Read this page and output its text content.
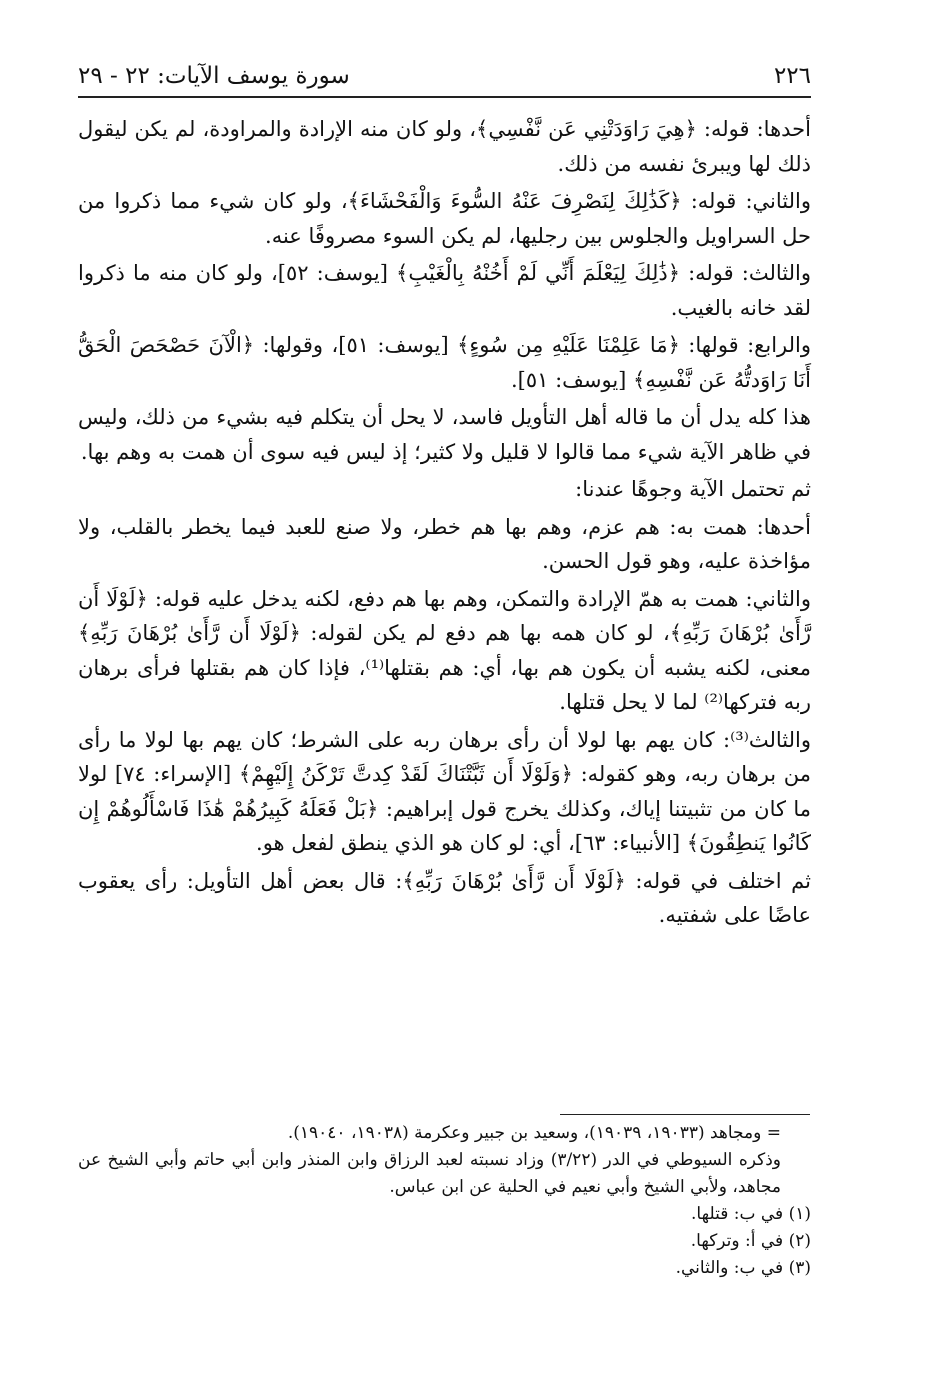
٢٢٦
سورة يوسف الآيات: ٢٢ - ٢٩

أحدها: قوله: ﴿هِيَ رَاوَدَتْنِي عَن نَّفْسِي﴾، ولو كان منه الإرادة والمراودة، لم يكن ليقول ذلك لها ويبرئ نفسه من ذلك.

والثاني: قوله: ﴿كَذَٰلِكَ لِنَصْرِفَ عَنْهُ السُّوءَ وَالْفَحْشَاءَ﴾، ولو كان شيء مما ذكروا من حل السراويل والجلوس بين رجليها، لم يكن السوء مصروفًا عنه.

والثالث: قوله: ﴿ذَٰلِكَ لِيَعْلَمَ أَنِّي لَمْ أَخُنْهُ بِالْغَيْبِ﴾ [يوسف: ٥٢]، ولو كان منه ما ذكروا لقد خانه بالغيب.

والرابع: قولها: ﴿مَا عَلِمْنَا عَلَيْهِ مِن سُوءٍ﴾ [يوسف: ٥١]، وقولها: ﴿الْآنَ حَصْحَصَ الْحَقُّ أَنَا رَاوَدتُّهُ عَن نَّفْسِهِ﴾ [يوسف: ٥١].

هذا كله يدل أن ما قاله أهل التأويل فاسد، لا يحل أن يتكلم فيه بشيء من ذلك، وليس في ظاهر الآية شيء مما قالوا لا قليل ولا كثير؛ إذ ليس فيه سوى أن همت به وهم بها.

ثم تحتمل الآية وجوهًا عندنا:

أحدها: همت به: هم عزم، وهم بها هم خطر، ولا صنع للعبد فيما يخطر بالقلب، ولا مؤاخذة عليه، وهو قول الحسن.

والثاني: همت به همّ الإرادة والتمكن، وهم بها هم دفع، لكنه يدخل عليه قوله: ﴿لَوْلَا أَن رَّأَىٰ بُرْهَانَ رَبِّهِ﴾، لو كان همه بها هم دفع لم يكن لقوله: ﴿لَوْلَا أَن رَّأَىٰ بُرْهَانَ رَبِّهِ﴾ معنى، لكنه يشبه أن يكون هم بها، أي: هم بقتلها⁽¹⁾، فإذا كان هم بقتلها فرأى برهان ربه فتركها⁽²⁾ لما لا يحل قتلها.

والثالث⁽³⁾: كان يهم بها لولا أن رأى برهان ربه على الشرط؛ كان يهم بها لولا ما رأى من برهان ربه، وهو كقوله: ﴿وَلَوْلَا أَن ثَبَّتْنَاكَ لَقَدْ كِدتَّ تَرْكَنُ إِلَيْهِمْ﴾ [الإسراء: ٧٤] لولا ما كان من تثبيتنا إياك، وكذلك يخرج قول إبراهيم: ﴿بَلْ فَعَلَهُ كَبِيرُهُمْ هَٰذَا فَاسْأَلُوهُمْ إِن كَانُوا يَنطِقُونَ﴾ [الأنبياء: ٦٣]، أي: لو كان هو الذي ينطق لفعل هو.

ثم اختلف في قوله: ﴿لَوْلَا أَن رَّأَىٰ بُرْهَانَ رَبِّهِ﴾: قال بعض أهل التأويل: رأى يعقوب عاضًا على شفتيه.

= ومجاهد (١٩٠٣٣، ١٩٠٣٩)، وسعيد بن جبير وعكرمة (١٩٠٣٨، ١٩٠٤٠).
وذكره السيوطي في الدر (٣/٢٢) وزاد نسبته لعبد الرزاق وابن المنذر وابن أبي حاتم وأبي الشيخ عن مجاهد، ولأبي الشيخ وأبي نعيم في الحلية عن ابن عباس.
(١) في ب: قتلها.
(٢) في أ: وتركها.
(٣) في ب: والثاني.
